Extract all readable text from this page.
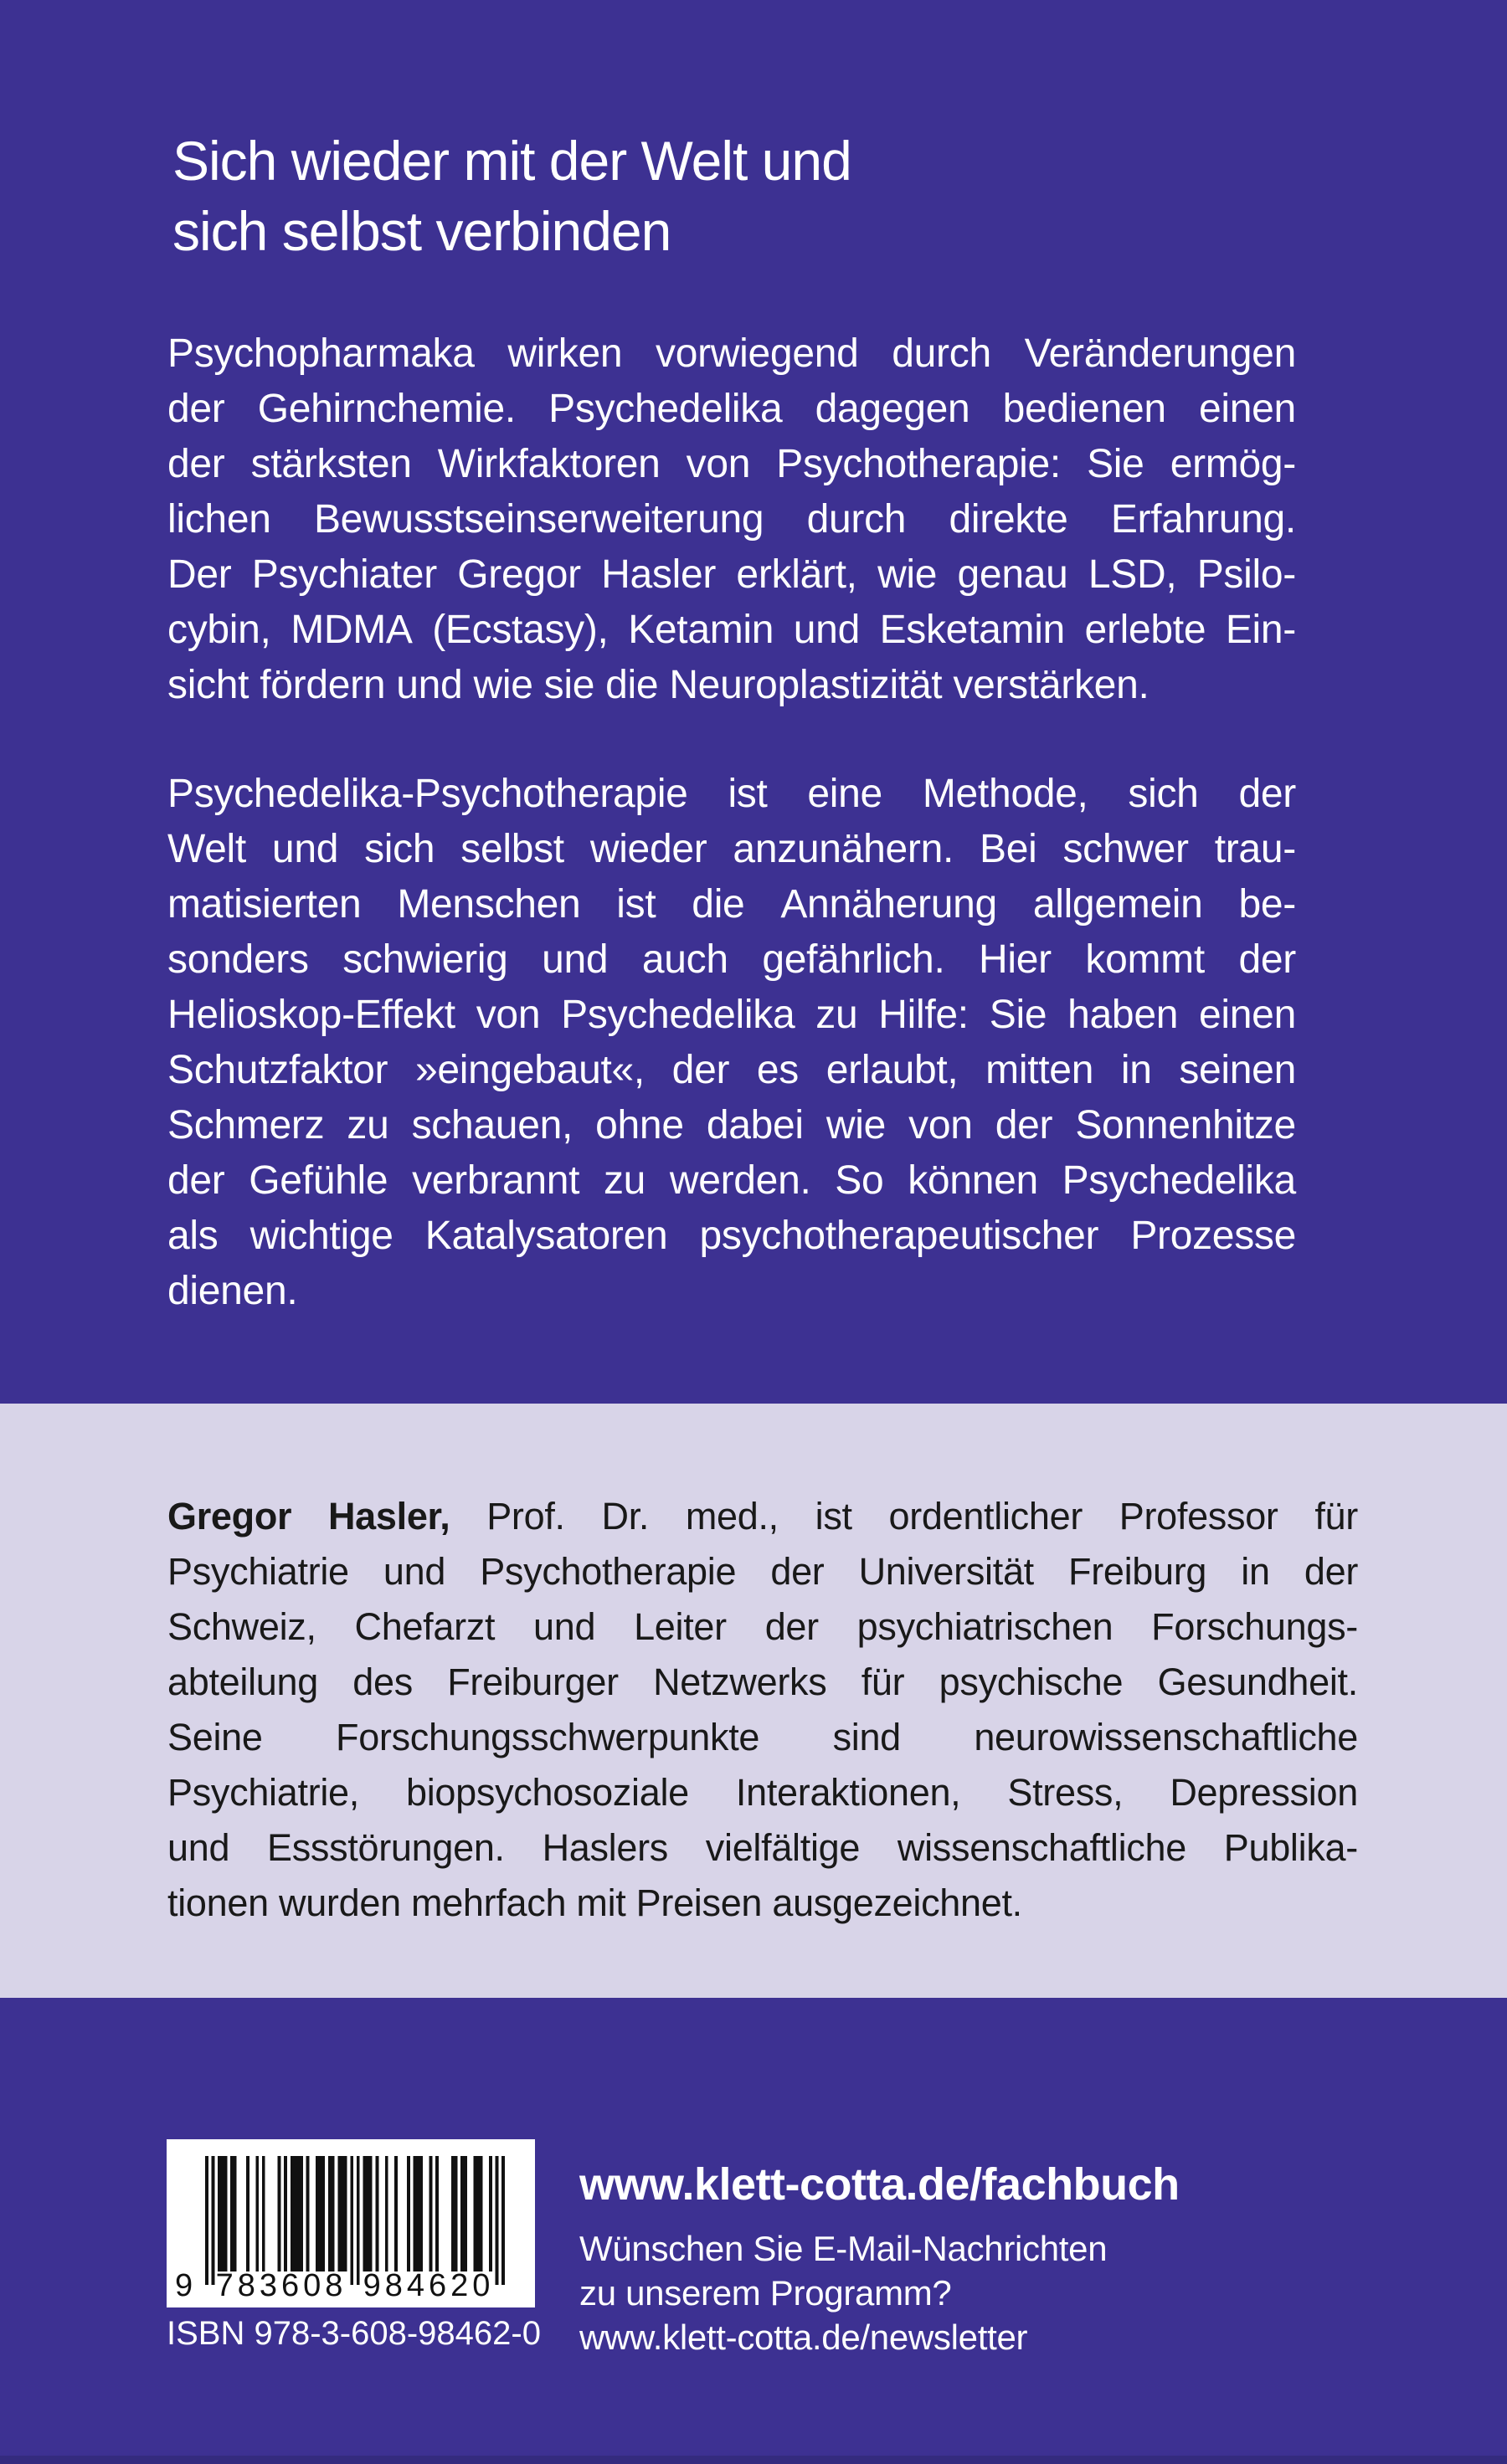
Sich wieder mit der Welt und
sich selbst verbinden
Psychopharmaka wirken vorwiegend durch Veränderungen
der Gehirnchemie. Psychedelika dagegen bedienen einen
der stärksten Wirkfaktoren von Psychotherapie: Sie ermög-
lichen Bewusstseinserweiterung durch direkte Erfahrung.
Der Psychiater Gregor Hasler erklärt, wie genau LSD, Psilo-
cybin, MDMA (Ecstasy), Ketamin und Esketamin erlebte Ein-
sicht fördern und wie sie die Neuroplastizität verstärken.
Psychedelika-Psychotherapie ist eine Methode, sich der
Welt und sich selbst wieder anzunähern. Bei schwer trau-
matisierten Menschen ist die Annäherung allgemein be-
sonders schwierig und auch gefährlich. Hier kommt der
Helioskop-Effekt von Psychedelika zu Hilfe: Sie haben einen
Schutzfaktor »eingebaut«, der es erlaubt, mitten in seinen
Schmerz zu schauen, ohne dabei wie von der Sonnenhitze
der Gefühle verbrannt zu werden. So können Psychedelika
als wichtige Katalysatoren psychotherapeutischer Prozesse
dienen.
Gregor Hasler, Prof. Dr. med., ist ordentlicher Professor für
Psychiatrie und Psychotherapie der Universität Freiburg in der
Schweiz, Chefarzt und Leiter der psychiatrischen Forschungs-
abteilung des Freiburger Netzwerks für psychische Gesundheit.
Seine Forschungsschwerpunkte sind neurowissenschaftliche
Psychiatrie, biopsychosoziale Interaktionen, Stress, Depression
und Essstörungen. Haslers vielfältige wissenschaftliche Publika-
tionen wurden mehrfach mit Preisen ausgezeichnet.
9 783608 984620
ISBN 978-3-608-98462-0
www.klett-cotta.de/fachbuch
Wünschen Sie E-Mail-Nachrichten
zu unserem Programm?
www.klett-cotta.de/newsletter
